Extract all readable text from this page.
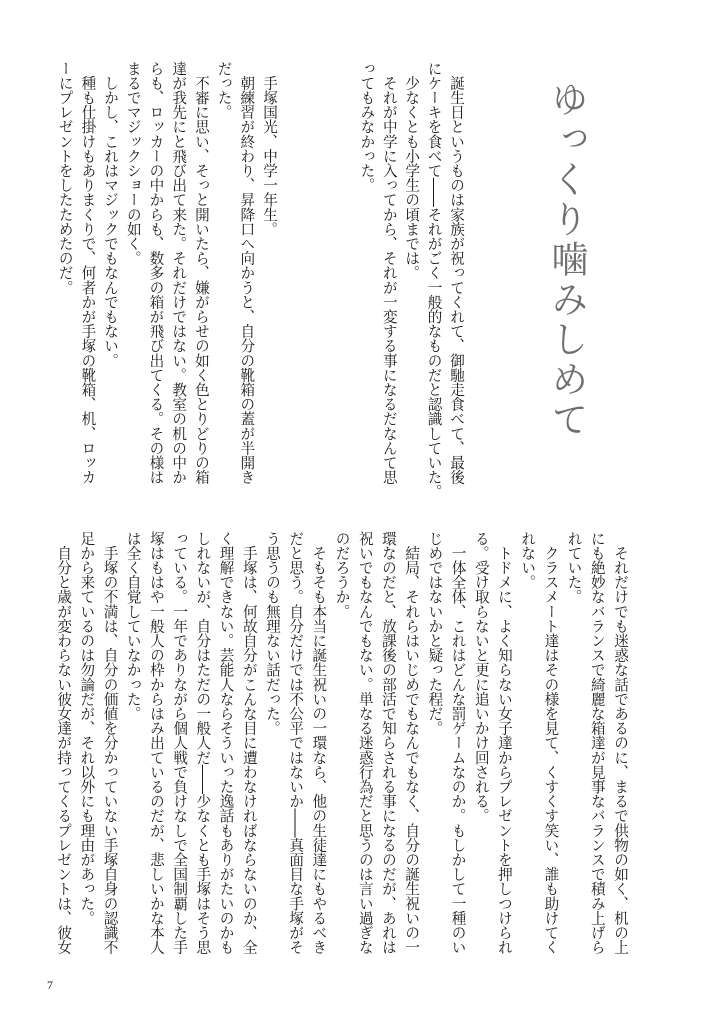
ゆっくり噛みしめて
　誕生日というものは家族が祝ってくれて、御馳走食べて、最後
にケーキを食べて――それがごく一般的なものだと認識していた。
　少なくとも小学生の頃までは。
　それが中学に入ってから、それが一変する事になるだなんて思
ってもみなかった。
　手塚国光、中学一年生。
　朝練習が終わり、昇降口へ向かうと、自分の靴箱の蓋が半開き
だった。
　不審に思い、そっと開いたら、嫌がらせの如く色とりどりの箱
達が我先にと飛び出て来た。それだけではない。教室の机の中か
らも、ロッカーの中からも、数多の箱が飛び出てくる。その様は
まるでマジックショーの如く。
　しかし、これはマジックでもなんでもない。
　種も仕掛けもありまくりで、何者かが手塚の靴箱、机、ロッカ
ーにプレゼントをしたためたのだ。
　それだけでも迷惑な話であるのに、まるで供物の如く、机の上
にも絶妙なバランスで綺麗な箱達が見事なバランスで積み上げら
れていた。
　クラスメート達はその様を見て、くすくす笑い、誰も助けてく
れない。
　トドメに、よく知らない女子達からプレゼントを押しつけられ
る。受け取らないと更に追いかけ回される。
　一体全体、これはどんな罰ゲームなのか。もしかして一種のい
じめではないかと疑った程だ。
　結局、それらはいじめでもなんでもなく、自分の誕生祝いの一
環なのだと、放課後の部活で知らされる事になるのだが、あれは
祝いでもなんでもない。単なる迷惑行為だと思うのは言い過ぎな
のだろうか。
　そもそも本当に誕生祝いの一環なら、他の生徒達にもやるべき
だと思う。自分だけでは不公平ではないか――真面目な手塚がそ
う思うのも無理ない話だった。
　手塚は、何故自分がこんな目に遭わなければならないのか、全
く理解できない。芸能人ならそういった逸話もありがたいのかも
しれないが、自分はただの一般人だ――少なくとも手塚はそう思
っている。一年でありながら個人戦で負けなしで全国制覇した手
塚はもはや一般人の枠からはみ出ているのだが、悲しいかな本人
は全く自覚していなかった。
　手塚の不満は、自分の価値を分かっていない手塚自身の認識不
足から来ているのは勿論だが、それ以外にも理由があった。
　自分と歳が変わらない彼女達が持ってくるプレゼントは、彼女
7
